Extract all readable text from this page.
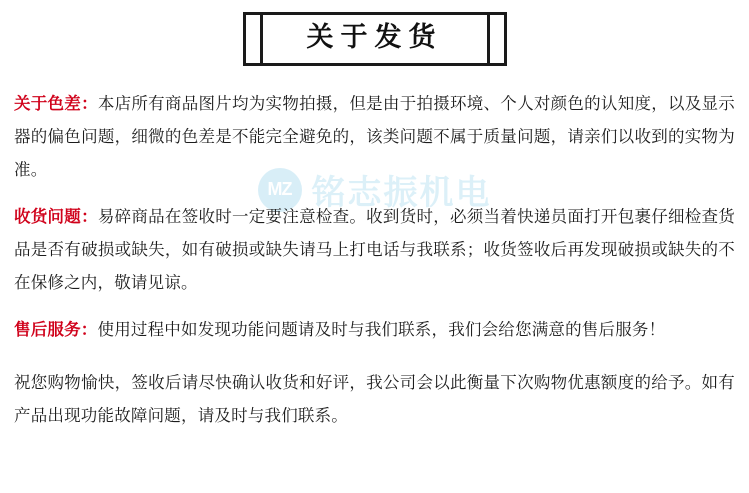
MZ 铭志振机电
关于发货

关于色差：本店所有商品图片均为实物拍摄，但是由于拍摄环境、个人对颜色的认知度，以及显示器的偏色问题，细微的色差是不能完全避免的，该类问题不属于质量问题，请亲们以收到的实物为准。

收货问题：易碎商品在签收时一定要注意检查。收到货时，必须当着快递员面打开包裹仔细检查货品是否有破损或缺失，如有破损或缺失请马上打电话与我联系；收货签收后再发现破损或缺失的不在保修之内，敬请见谅。

售后服务：使用过程中如发现功能问题请及时与我们联系，我们会给您满意的售后服务！

祝您购物愉快，签收后请尽快确认收货和好评，我公司会以此衡量下次购物优惠额度的给予。如有产品出现功能故障问题，请及时与我们联系。
